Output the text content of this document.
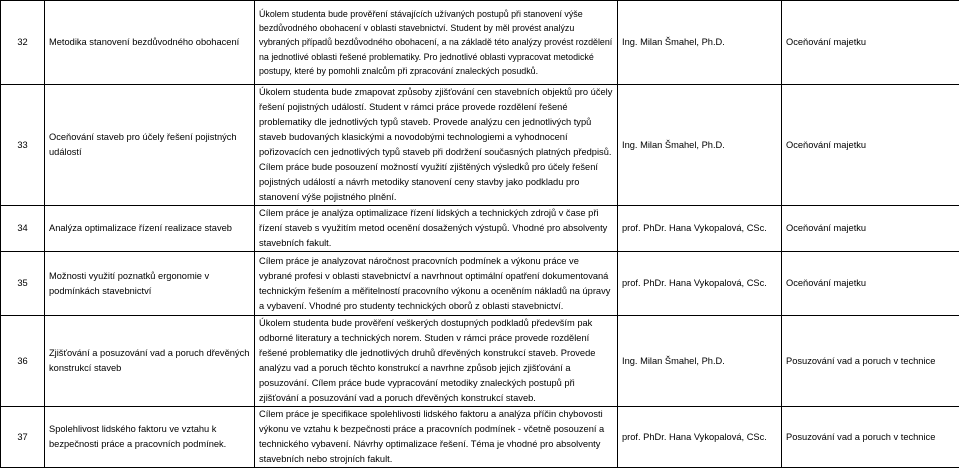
32	Metodika stanovení bezdůvodného obohacení	Úkolem studenta bude prověření stávajících užívaných postupů při stanovení výše bezdůvodného obohacení v oblasti stavebnictví. Student by měl provést analýzu vybraných případů bezdůvodného obohacení, a na základě této analýzy provést rozdělení na jednotlivé oblasti řešené problematiky. Pro jednotlivé oblasti vypracovat metodické postupy, které by pomohli znalcům při zpracování znaleckých posudků.	Ing. Milan Šmahel, Ph.D.	Oceňování majetku
33	Oceňování staveb pro účely řešení pojistných událostí	Úkolem studenta bude zmapovat způsoby zjišťování cen stavebních objektů pro účely řešení pojistných událostí. Student v rámci práce provede rozdělení řešené problematiky dle jednotlivých typů staveb. Provede analýzu cen jednotlivých typů staveb budovaných klasickými a novodobými technologiemi a vyhodnocení pořizovacích cen jednotlivých typů staveb při dodržení současných platných předpisů. Cílem práce bude posouzení možností využití zjištěných výsledků pro účely řešení pojistných událostí a návrh metodiky stanovení ceny stavby jako podkladu pro stanovení výše pojistného plnění.	Ing. Milan Šmahel, Ph.D.	Oceňování majetku
34	Analýza optimalizace řízení realizace staveb	Cílem práce je analýza optimalizace řízení lidských a technických zdrojů v čase při řízení staveb s využitím metod ocenění dosažených výstupů. Vhodné pro absolventy stavebních fakult.	prof. PhDr. Hana Vykopalová, CSc.	Oceňování majetku
35	Možnosti využití poznatků ergonomie v podmínkách stavebnictví	Cílem práce je analyzovat náročnost pracovních podmínek a výkonu práce ve vybrané profesi v oblasti stavebnictví a navrhnout optimální opatření dokumentovaná technickým řešením a měřitelností pracovního výkonu a oceněním nákladů na úpravy a vybavení. Vhodné pro studenty technických oborů z oblasti stavebnictví.	prof. PhDr. Hana Vykopalová, CSc.	Oceňování majetku
36	Zjišťování a posuzování vad a poruch dřevěných konstrukcí staveb	Úkolem studenta bude prověření veškerých dostupných podkladů především pak odborné literatury a technických norem. Studen v rámci práce provede rozdělení řešené problematiky dle jednotlivých druhů dřevěných konstrukcí staveb. Provede analýzu vad a poruch těchto konstrukcí a navrhne způsob jejich zjišťování a posuzování. Cílem práce bude vypracování metodiky znaleckých postupů při zjišťování a posuzování vad a poruch dřevěných konstrukcí staveb.	Ing. Milan Šmahel, Ph.D.	Posuzování vad a poruch v technice
37	Spolehlivost lidského faktoru ve vztahu k bezpečnosti práce a pracovních podmínek.	Cílem práce je specifikace spolehlivosti lidského faktoru a analýza příčin chybovosti výkonu ve vztahu k bezpečnosti práce a pracovních podmínek - včetně posouzení a technického vybavení. Návrhy optimalizace řešení. Téma je vhodné pro absolventy stavebních nebo strojních fakult.	prof. PhDr. Hana Vykopalová, CSc.	Posuzování vad a poruch v technice
